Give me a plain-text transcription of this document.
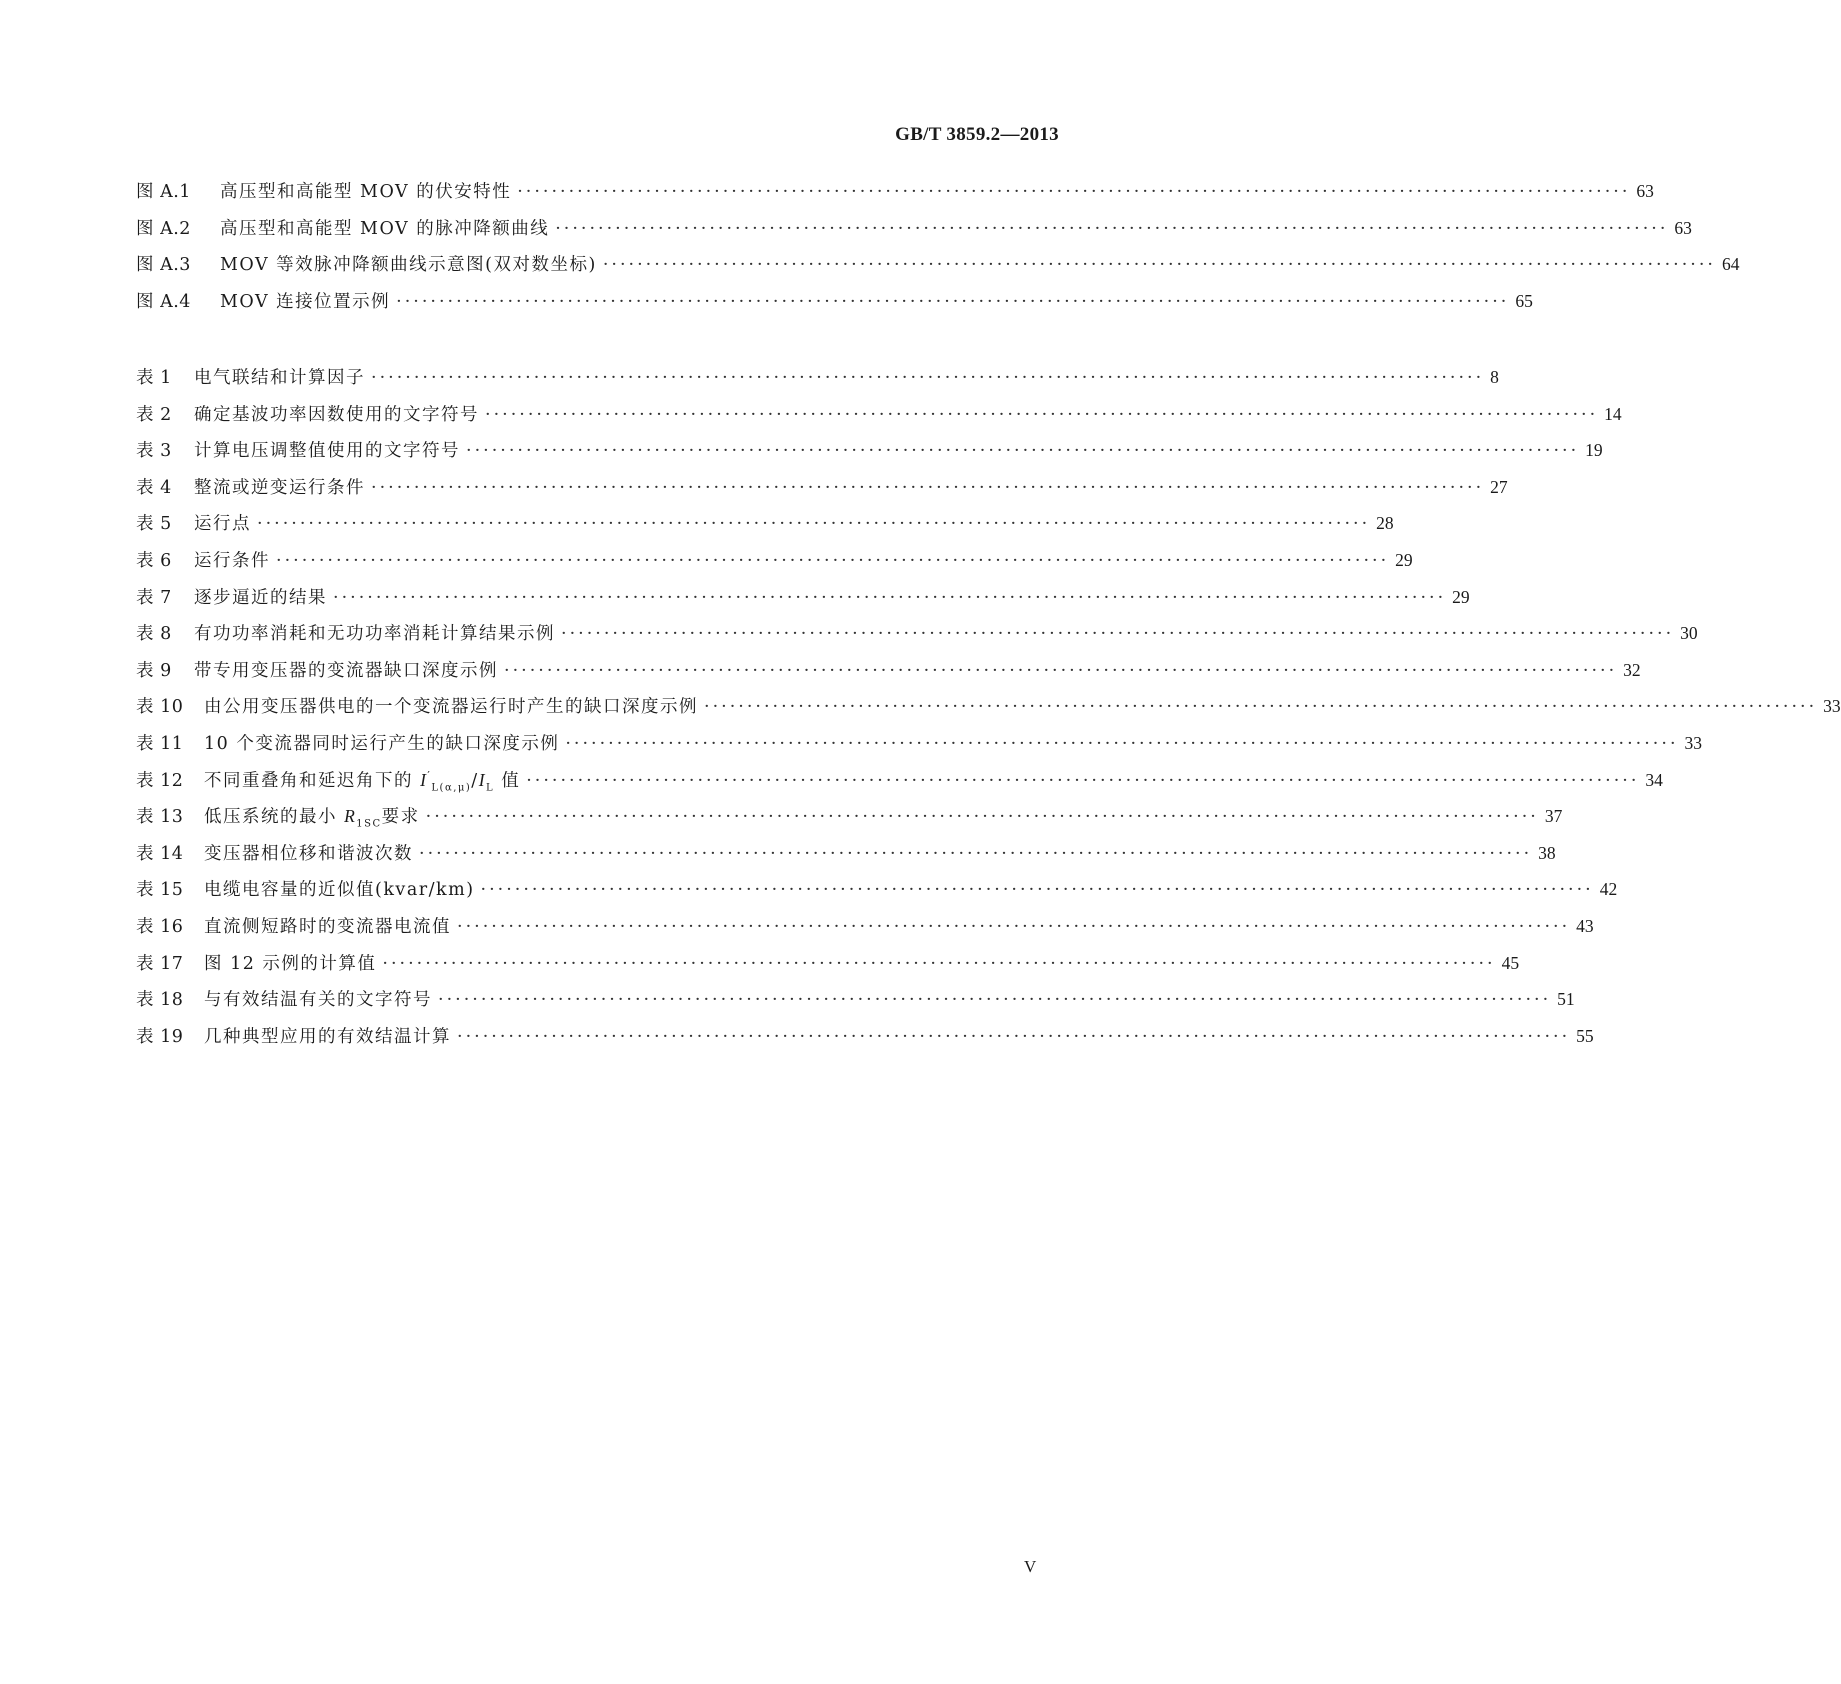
GB/T 3859.2—2013
图 A.1	高压型和高能型 MOV 的伏安特性 ·····	63
图 A.2	高压型和高能型 MOV 的脉冲降额曲线 ·····	63
图 A.3	MOV 等效脉冲降额曲线示意图(双对数坐标) ·····	64
图 A.4	MOV 连接位置示例 ·····	65
表 1	电气联结和计算因子 ·····	8
表 2	确定基波功率因数使用的文字符号 ·····	14
表 3	计算电压调整值使用的文字符号 ·····	19
表 4	整流或逆变运行条件 ·····	27
表 5	运行点 ·····	28
表 6	运行条件 ·····	29
表 7	逐步逼近的结果 ·····	29
表 8	有功功率消耗和无功功率消耗计算结果示例 ·····	30
表 9	带专用变压器的变流器缺口深度示例 ·····	32
表 10	由公用变压器供电的一个变流器运行时产生的缺口深度示例 ·····	33
表 11	10 个变流器同时运行产生的缺口深度示例 ·····	33
表 12	不同重叠角和延迟角下的 $I'_{L(\alpha,\mu)}/I_L$ 值 ·····	34
表 13	低压系统的最小 $R_{1SC}$要求 ·····	37
表 14	变压器相位移和谐波次数 ·····	38
表 15	电缆电容量的近似值(kvar/km) ·····	42
表 16	直流侧短路时的变流器电流值 ·····	43
表 17	图 12 示例的计算值 ·····	45
表 18	与有效结温有关的文字符号 ·····	51
表 19	几种典型应用的有效结温计算 ·····	55
V
